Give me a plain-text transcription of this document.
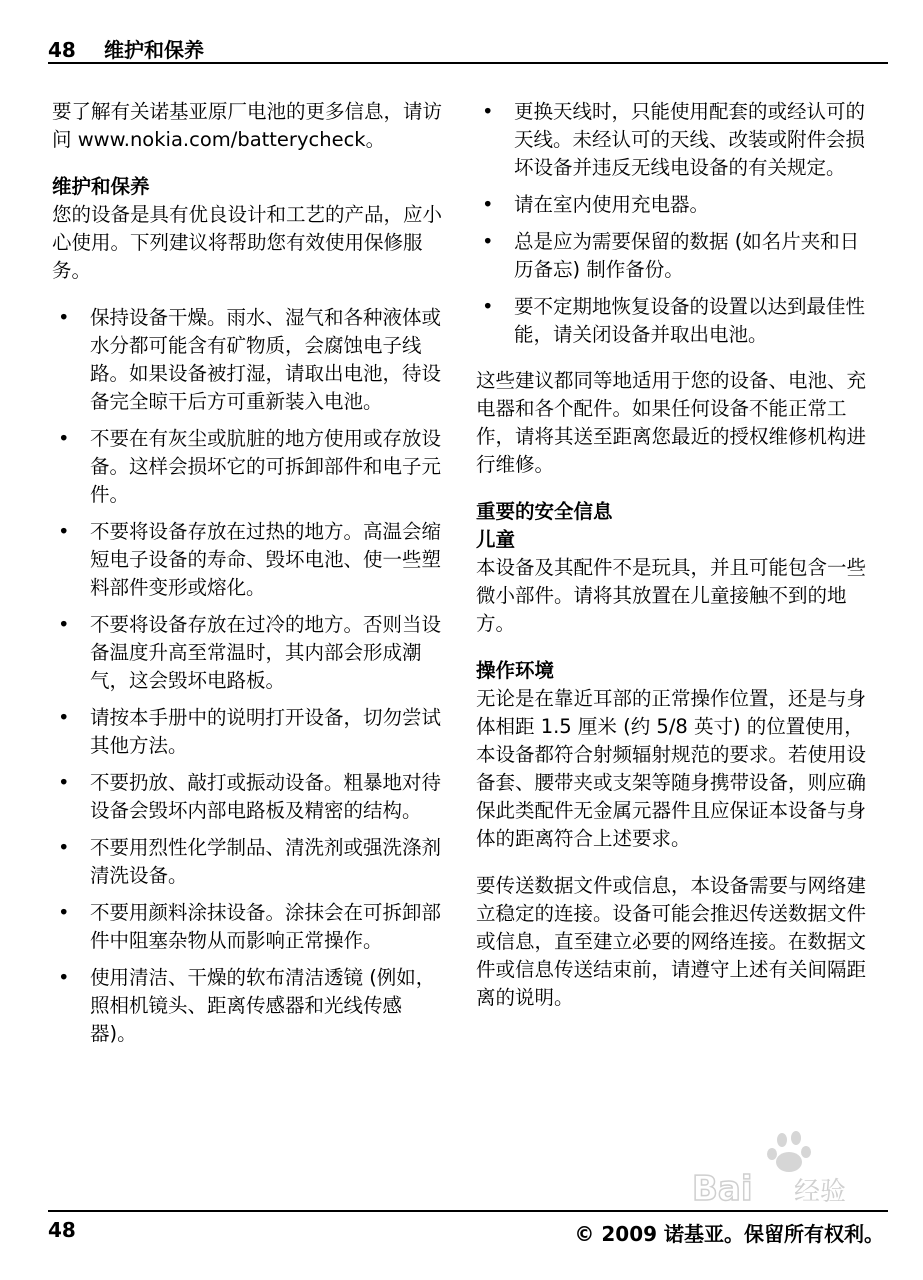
48 维护和保养

要了解有关诺基亚原厂电池的更多信息，请访问 www.nokia.com/batterycheck。

维护和保养

您的设备是具有优良设计和工艺的产品，应小心使用。下列建议将帮助您有效使用保修服务。

• 保持设备干燥。雨水、湿气和各种液体或水分都可能含有矿物质，会腐蚀电子线路。如果设备被打湿，请取出电池，待设备完全晾干后方可重新装入电池。
• 不要在有灰尘或肮脏的地方使用或存放设备。这样会损坏它的可拆卸部件和电子元件。
• 不要将设备存放在过热的地方。高温会缩短电子设备的寿命、毁坏电池、使一些塑料部件变形或熔化。
• 不要将设备存放在过冷的地方。否则当设备温度升高至常温时，其内部会形成潮气，这会毁坏电路板。
• 请按本手册中的说明打开设备，切勿尝试其他方法。
• 不要扔放、敲打或振动设备。粗暴地对待设备会毁坏内部电路板及精密的结构。
• 不要用烈性化学制品、清洗剂或强洗涤剂清洗设备。
• 不要用颜料涂抹设备。涂抹会在可拆卸部件中阻塞杂物从而影响正常操作。
• 使用清洁、干燥的软布清洁透镜 (例如，照相机镜头、距离传感器和光线传感器)。
• 更换天线时，只能使用配套的或经认可的天线。未经认可的天线、改装或附件会损坏设备并违反无线电设备的有关规定。
• 请在室内使用充电器。
• 总是应为需要保留的数据 (如名片夹和日历备忘) 制作备份。
• 要不定期地恢复设备的设置以达到最佳性能，请关闭设备并取出电池。

这些建议都同等地适用于您的设备、电池、充电器和各个配件。如果任何设备不能正常工作，请将其送至距离您最近的授权维修机构进行维修。

重要的安全信息

儿童

本设备及其配件不是玩具，并且可能包含一些微小部件。请将其放置在儿童接触不到的地方。

操作环境

无论是在靠近耳部的正常操作位置，还是与身体相距 1.5 厘米 (约 5/8 英寸) 的位置使用，本设备都符合射频辐射规范的要求。若使用设备套、腰带夹或支架等随身携带设备，则应确保此类配件无金属元器件且应保证本设备与身体的距离符合上述要求。

要传送数据文件或信息，本设备需要与网络建立稳定的连接。设备可能会推迟传送数据文件或信息，直至建立必要的网络连接。在数据文件或信息传送结束前，请遵守上述有关间隔距离的说明。

Bai 经验
48	© 2009 诺基亚。保留所有权利。
